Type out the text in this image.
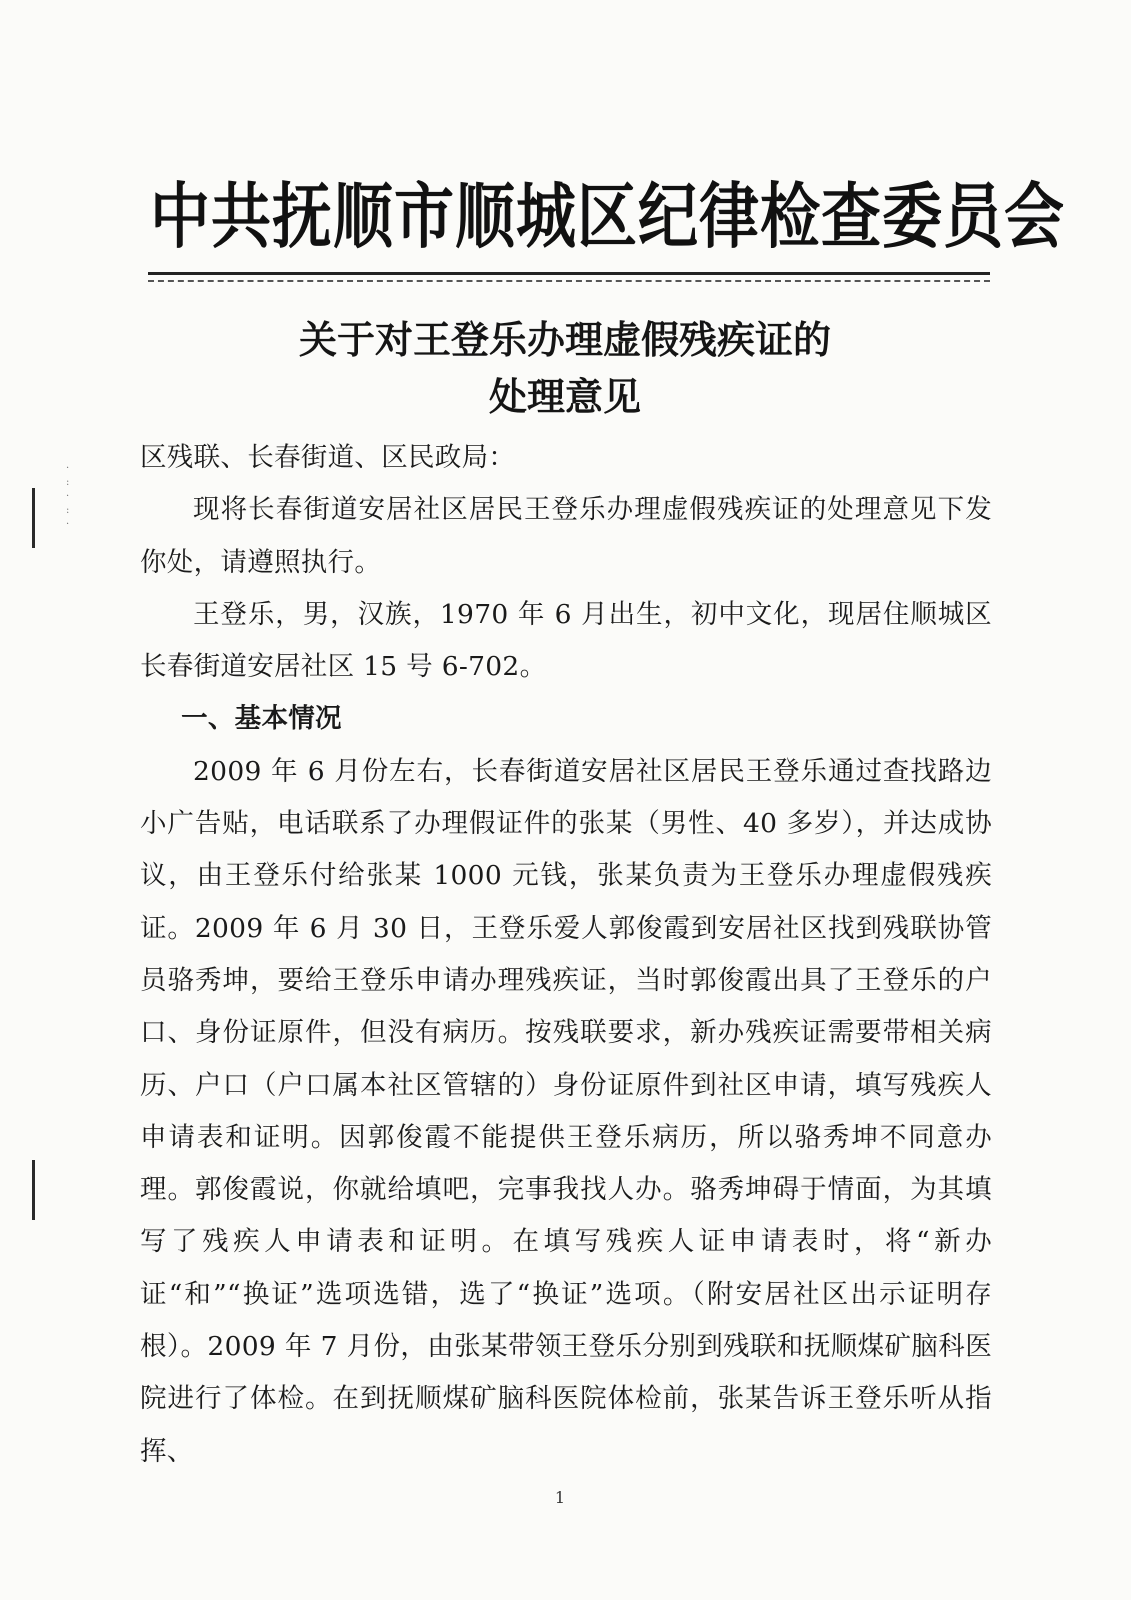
中共抚顺市顺城区纪律检查委员会
关于对王登乐办理虚假残疾证的
处理意见

区残联、长春街道、区民政局：

现将长春街道安居社区居民王登乐办理虚假残疾证的处理意见下发你处，请遵照执行。

王登乐，男，汉族，1970 年 6 月出生，初中文化，现居住顺城区长春街道安居社区 15 号 6-702。

一、基本情况

2009 年 6 月份左右，长春街道安居社区居民王登乐通过查找路边小广告贴，电话联系了办理假证件的张某（男性、40 多岁），并达成协议，由王登乐付给张某 1000 元钱，张某负责为王登乐办理虚假残疾证。2009 年 6 月 30 日，王登乐爱人郭俊霞到安居社区找到残联协管员骆秀坤，要给王登乐申请办理残疾证，当时郭俊霞出具了王登乐的户口、身份证原件，但没有病历。按残联要求，新办残疾证需要带相关病历、户口（户口属本社区管辖的）身份证原件到社区申请，填写残疾人申请表和证明。因郭俊霞不能提供王登乐病历，所以骆秀坤不同意办理。郭俊霞说，你就给填吧，完事我找人办。骆秀坤碍于情面，为其填写了残疾人申请表和证明。在填写残疾人证申请表时，将“新办证“和”“换证”选项选错，选了“换证”选项。（附安居社区出示证明存根）。2009 年 7 月份，由张某带领王登乐分别到残联和抚顺煤矿脑科医院进行了体检。在到抚顺煤矿脑科医院体检前，张某告诉王登乐听从指挥、

1
·
:
·
:
·
